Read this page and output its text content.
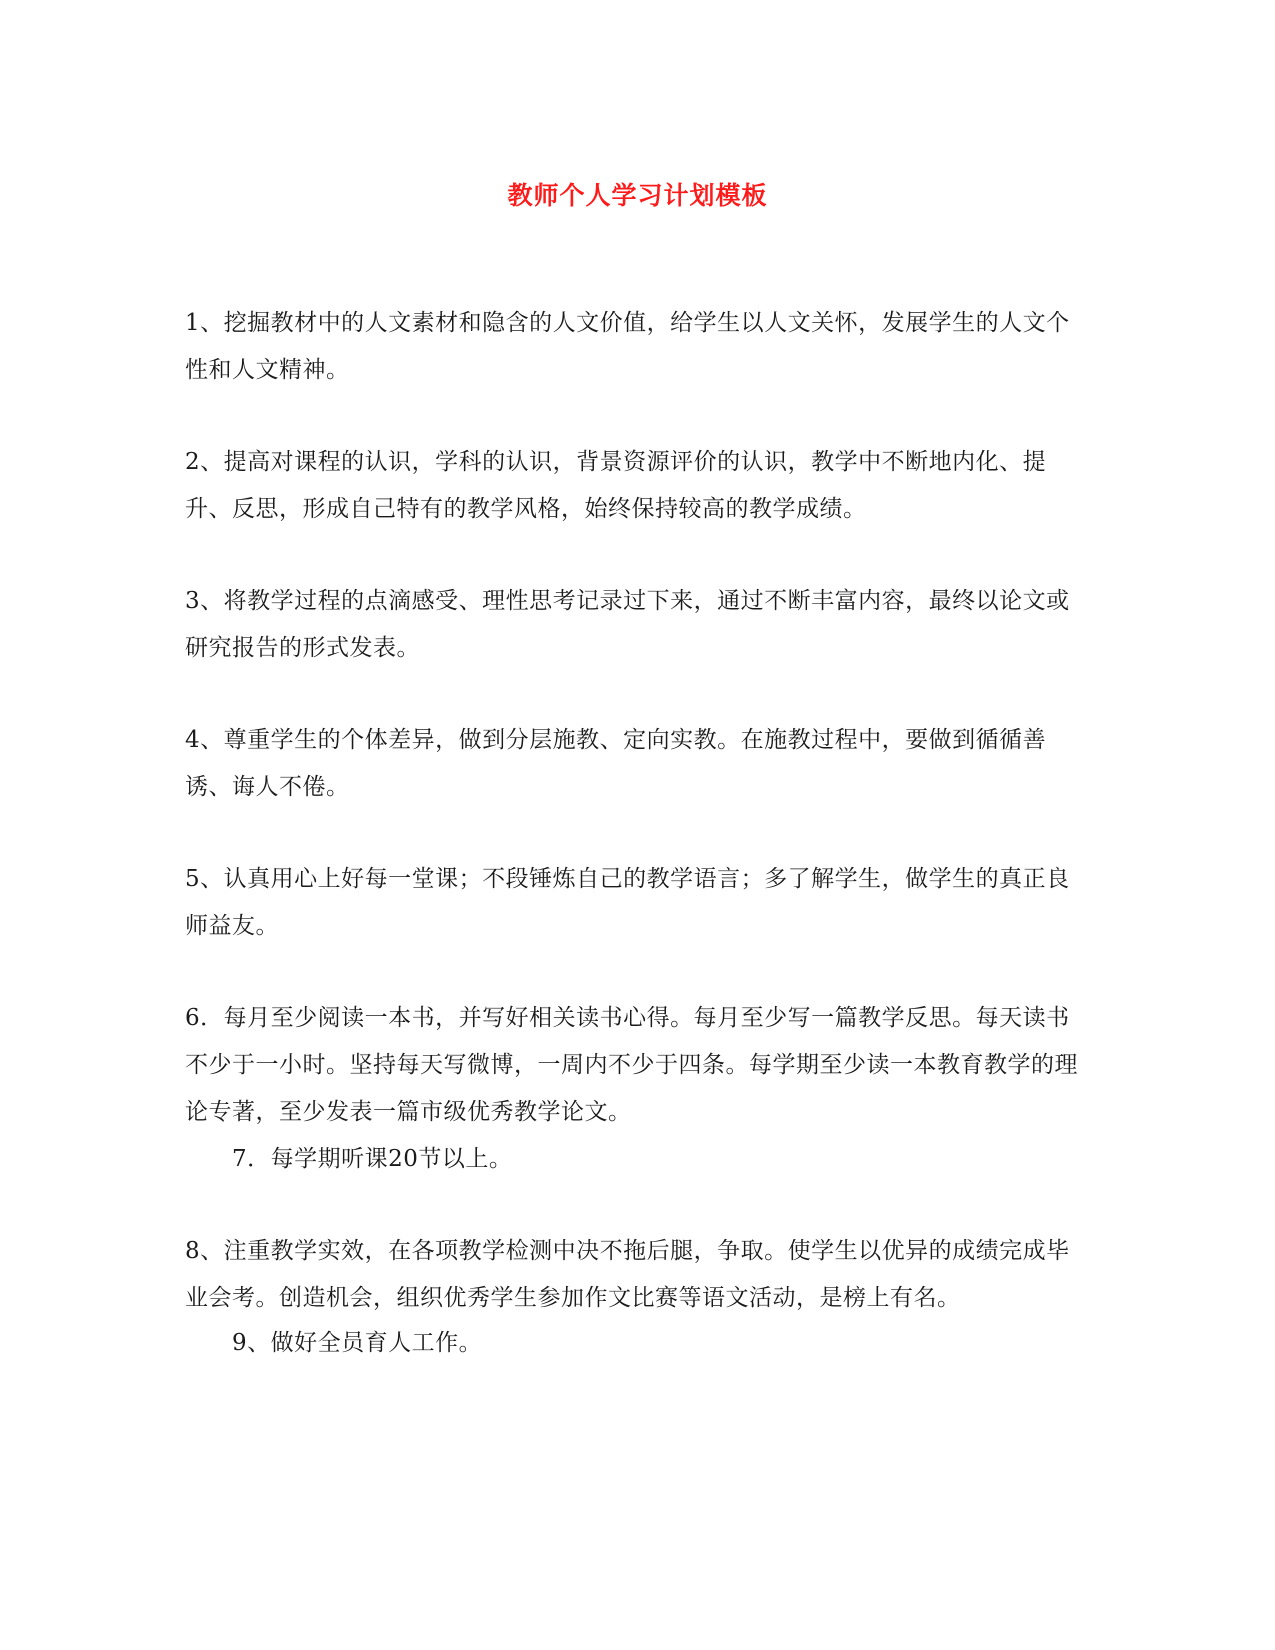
教师个人学习计划模板

1、挖掘教材中的人文素材和隐含的人文价值，给学生以人文关怀，发展学生的人文个性和人文精神。

2、提高对课程的认识，学科的认识，背景资源评价的认识，教学中不断地内化、提升、反思，形成自己特有的教学风格，始终保持较高的教学成绩。

3、将教学过程的点滴感受、理性思考记录过下来，通过不断丰富内容，最终以论文或研究报告的形式发表。

4、尊重学生的个体差异，做到分层施教、定向实教。在施教过程中，要做到循循善诱、诲人不倦。

5、认真用心上好每一堂课；不段锤炼自己的教学语言；多了解学生，做学生的真正良师益友。

6．每月至少阅读一本书，并写好相关读书心得。每月至少写一篇教学反思。每天读书不少于一小时。坚持每天写微博，一周内不少于四条。每学期至少读一本教育教学的理论专著，至少发表一篇市级优秀教学论文。

7．每学期听课20节以上。

8、注重教学实效，在各项教学检测中决不拖后腿，争取。使学生以优异的成绩完成毕业会考。创造机会，组织优秀学生参加作文比赛等语文活动，是榜上有名。

9、做好全员育人工作。
